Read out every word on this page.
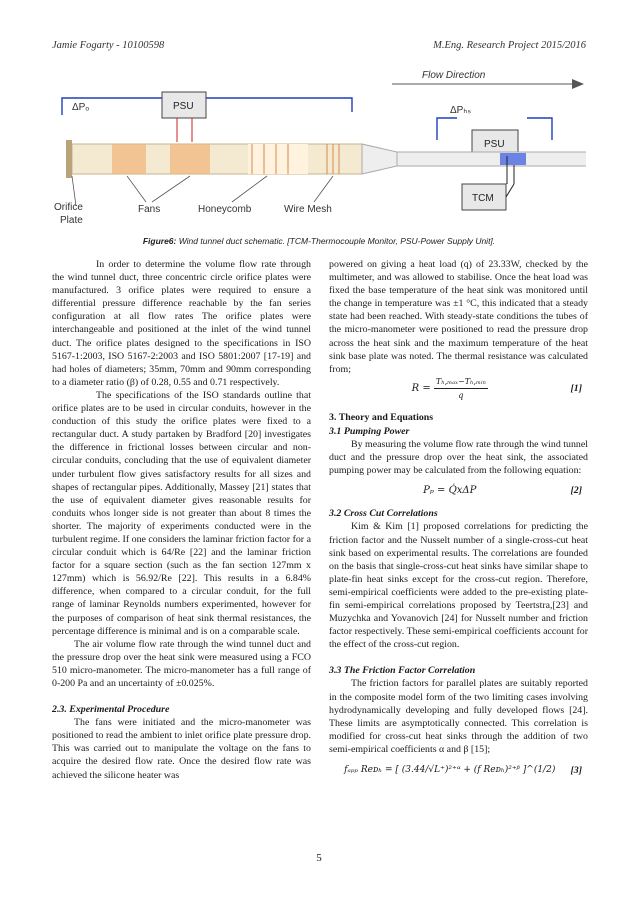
Jamie Fogarty - 10100598	M.Eng. Research Project 2015/2016
Flow Direction
ΔPₒ	ΔPₕₛ
PSU
PSU
TCM
Orifice
Plate
Fans	Honeycomb	Wire Mesh
Figure6: Wind tunnel duct schematic. [TCM-Thermocouple Monitor, PSU-Power Supply Unit].

In order to determine the volume flow rate through the wind tunnel duct, three concentric circle orifice plates were manufactured. 3 orifice plates were required to ensure a differential pressure difference reachable by the fan series configuration at all flow rates The orifice plates were interchangeable and positioned at the inlet of the wind tunnel duct. The orifice plates designed to the specifications in ISO 5167-1:2003, ISO 5167-2:2003 and ISO 5801:2007 [17-19] and had holes of diameters; 35mm, 70mm and 90mm corresponding to a diameter ratio (β) of 0.28, 0.55 and 0.71 respectively.

The specifications of the ISO standards outline that orifice plates are to be used in circular conduits, however in the conduction of this study the orifice plates were fixed to a rectangular duct. A study partaken by Bradford [20] investigates the difference in frictional losses between circular and non-circular conduits, concluding that the use of equivalent diameter under turbulent flow gives satisfactory results for all sizes and shapes of rectangular pipes. Additionally, Massey [21] states that the use of equivalent diameter gives reasonable results for conduits whos longer side is not greater than about 8 times the shorter. The majority of experiments conducted were in the turbulent regime. If one considers the laminar friction factor for a circular conduit which is 64/Re [22] and the laminar friction factor for a square section (such as the fan section 127mm x 127mm) which is 56.92/Re [22]. This results in a 6.84% difference, when compared to a circular conduit, for the full range of laminar Reynolds numbers experimented, however for the purposes of comparison of heat sink thermal resistances, the percentage difference is minimal and is on a comparable scale.

The air volume flow rate through the wind tunnel duct and the pressure drop over the heat sink were measured using a FCO 510 micro-manometer. The micro-manometer has a full range of 0-200 Pa and an uncertainty of ±0.025%.

2.3. Experimental Procedure

The fans were initiated and the micro-manometer was positioned to read the ambient to inlet orifice plate pressure drop. This was carried out to manipulate the voltage on the fans to acquire the desired flow rate. Once the desired flow rate was achieved the silicone heater was

powered on giving a heat load (q) of 23.33W, checked by the multimeter, and was allowed to stabilise. Once the heat load was fixed the base temperature of the heat sink was monitored until the change in temperature was ±1 °C, this indicated that a steady state had been reached. With steady-state conditions the tubes of the micro-manometer were positioned to read the pressure drop across the heat sink and the maximum temperature of the heat sink base plate was noted. The thermal resistance was calculated from;

$R = \frac{\text{Tₕ,ₘₐₓ−Tₕ,ₘᵢₙ}}{q}$	[1]

3. Theory and Equations

3.1 Pumping Power

By measuring the volume flow rate through the wind tunnel duct and the pressure drop over the heat sink, the associated pumping power may be calculated from the following equation:

Pₚ = Q̇xΔP	[2]

3.2 Cross Cut Correlations

Kim & Kim [1] proposed correlations for predicting the friction factor and the Nusselt number of a single-cross-cut heat sink based on experimental results. The correlations are founded on the basis that single-cross-cut heat sinks have similar shape to plate-fin heat sinks except for the cross-cut region. Therefore, semi-empirical coefficients were added to the pre-existing plate-fin semi-empirical correlations proposed by Teertstra,[23] and Muzychka and Yovanovich [24] for Nusselt number and friction factor respectively. These semi-empirical coefficients account for the effect of the cross-cut region.

3.3 The Friction Factor Correlation

The friction factors for parallel plates are suitably reported in the composite model form of the two limiting cases involving hydrodynamically developing and fully developed flows [24]. These limits are asymptotically connected. This correlation is modified for cross-cut heat sinks through the addition of two semi-empirical coefficients α and β [15];

fₐₚₚ Reᴅₕ = [ (3.44/√L⁺)²⁺ᵅ + (f Reᴅₕ)²⁺ᵝ ]^(1/2)	[3]
5
